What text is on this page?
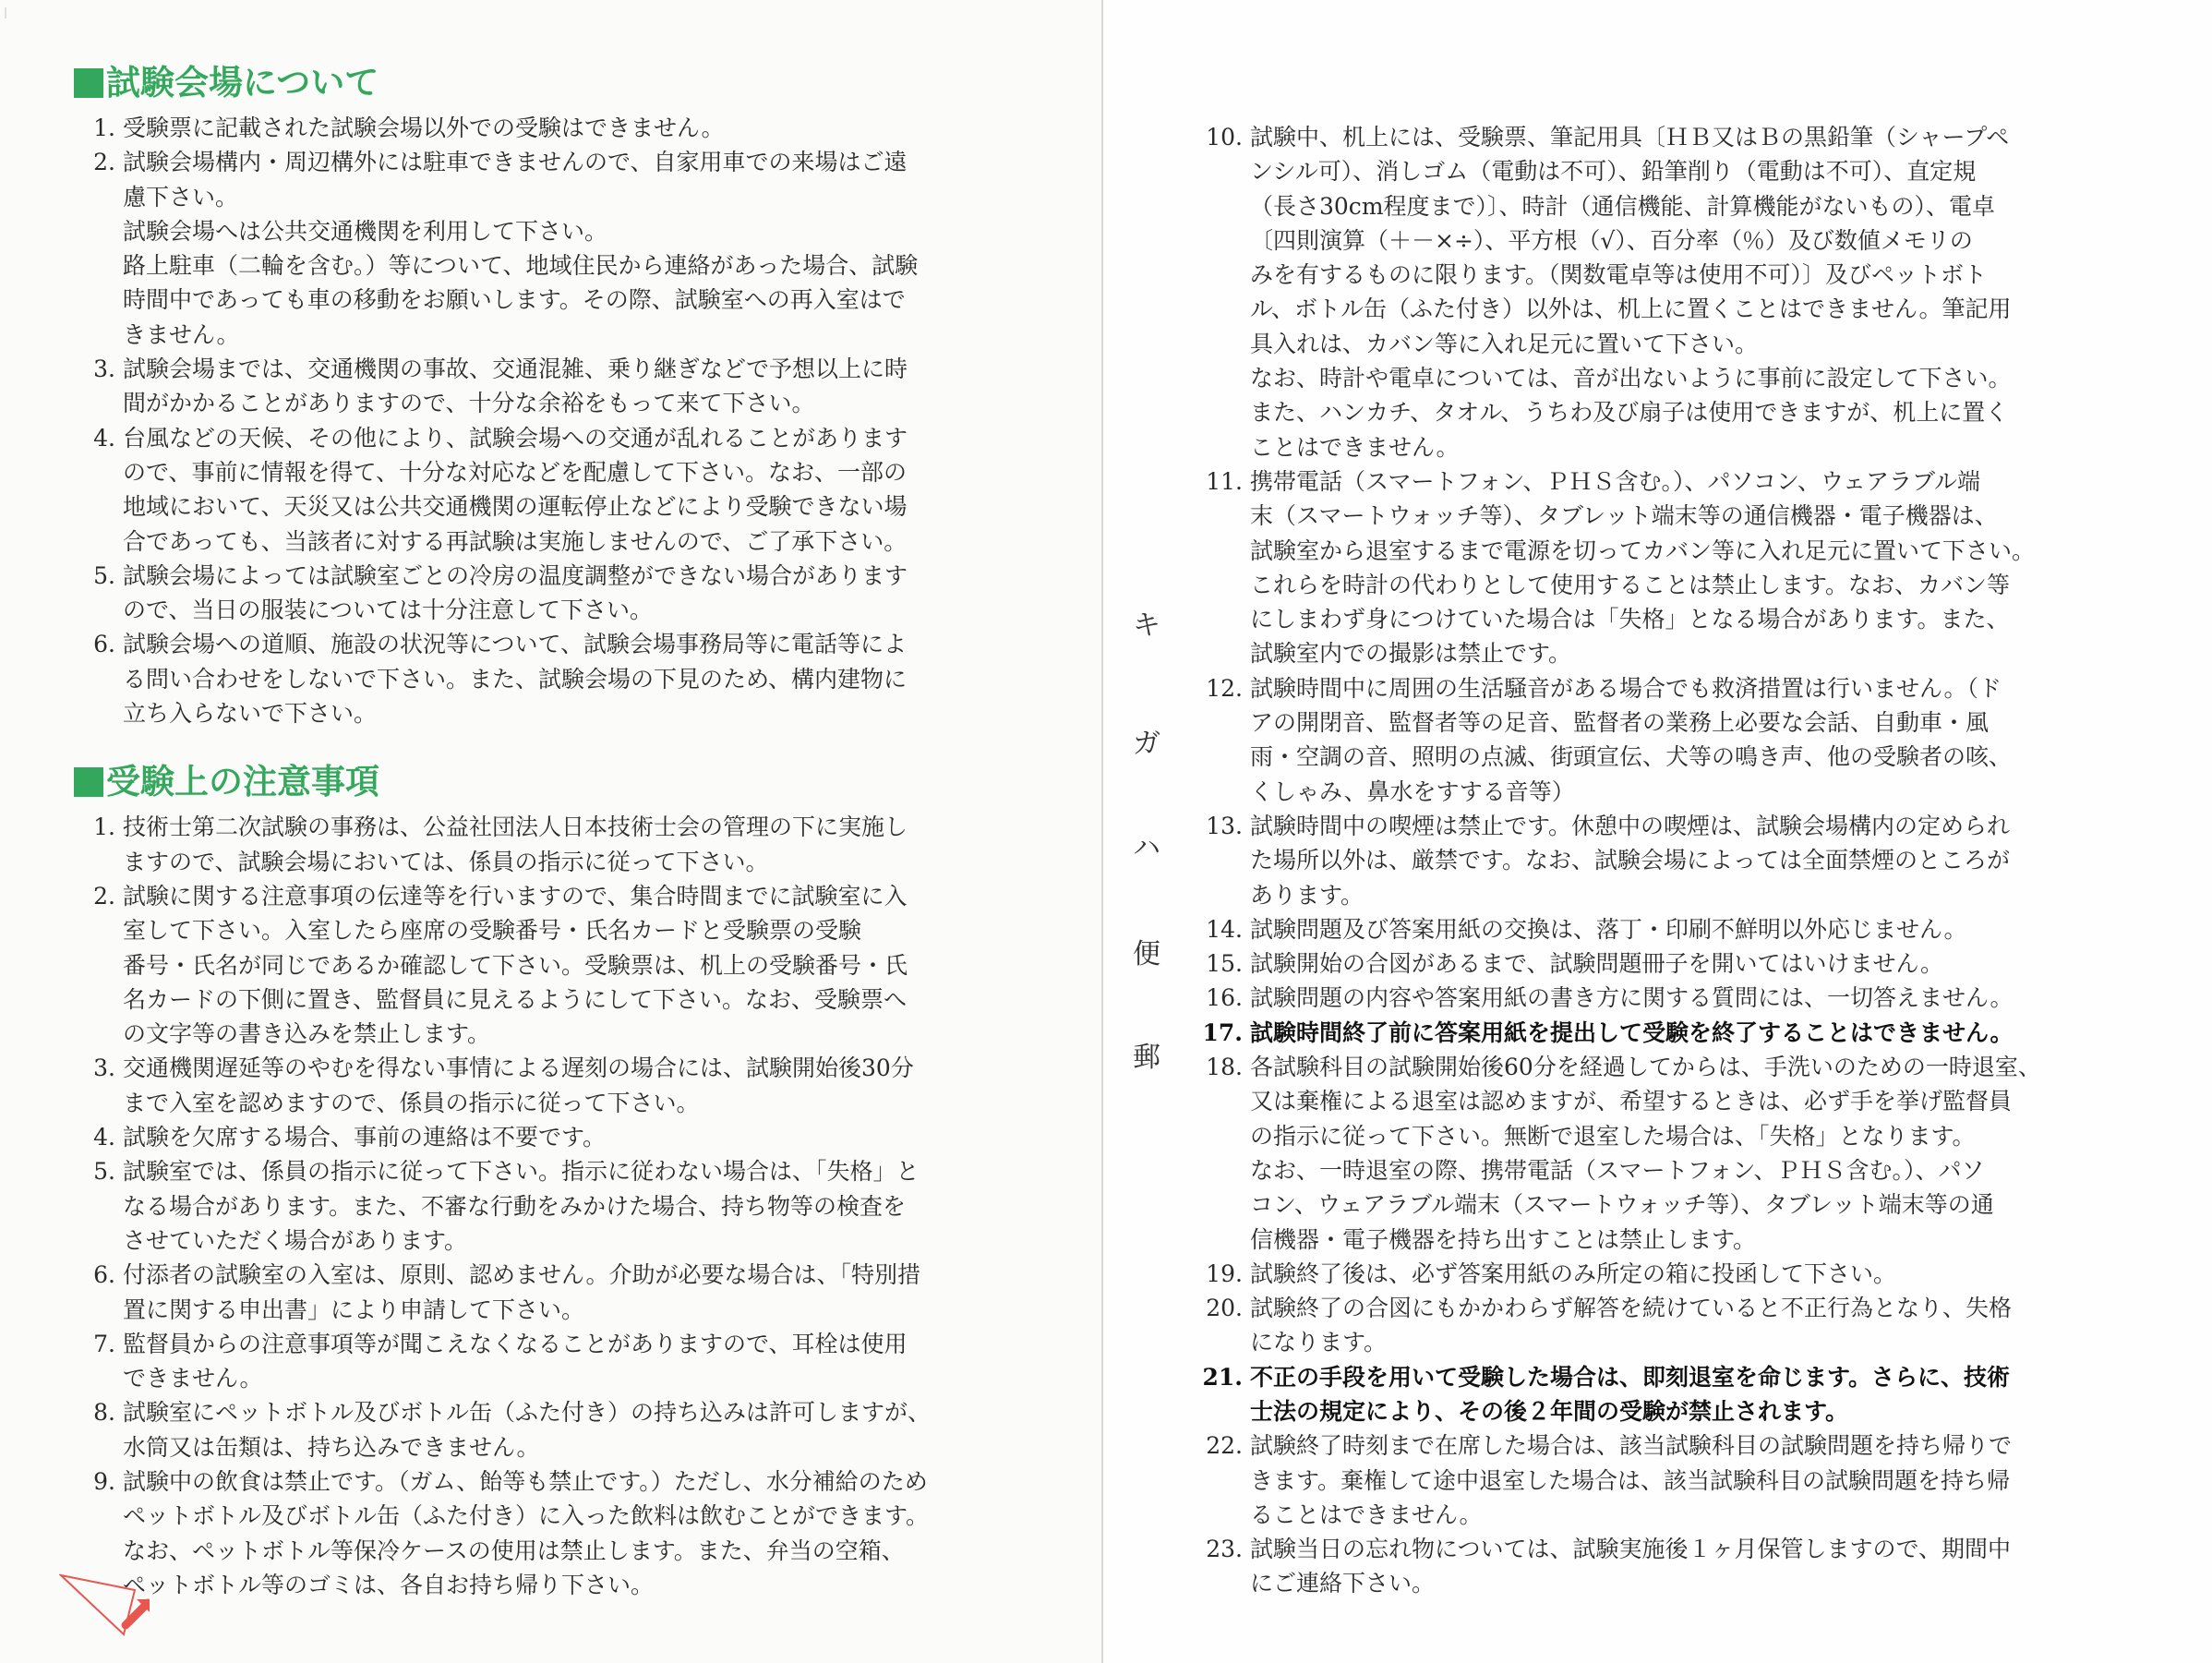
試験会場について
1. 受験票に記載された試験会場以外での受験はできません。
2. 試験会場構内・周辺構外には駐車できませんので、自家用車での来場はご遠
慮下さい。
試験会場へは公共交通機関を利用して下さい。
路上駐車（二輪を含む。）等について、地域住民から連絡があった場合、試験
時間中であっても車の移動をお願いします。その際、試験室への再入室はで
きません。
3. 試験会場までは、交通機関の事故、交通混雑、乗り継ぎなどで予想以上に時
間がかかることがありますので、十分な余裕をもって来て下さい。
4. 台風などの天候、その他により、試験会場への交通が乱れることがあります
ので、事前に情報を得て、十分な対応などを配慮して下さい。なお、一部の
地域において、天災又は公共交通機関の運転停止などにより受験できない場
合であっても、当該者に対する再試験は実施しませんので、ご了承下さい。
5. 試験会場によっては試験室ごとの冷房の温度調整ができない場合があります
ので、当日の服装については十分注意して下さい。
6. 試験会場への道順、施設の状況等について、試験会場事務局等に電話等によ
る問い合わせをしないで下さい。また、試験会場の下見のため、構内建物に
立ち入らないで下さい。
受験上の注意事項
1. 技術士第二次試験の事務は、公益社団法人日本技術士会の管理の下に実施し
ますので、試験会場においては、係員の指示に従って下さい。
2. 試験に関する注意事項の伝達等を行いますので、集合時間までに試験室に入
室して下さい。入室したら座席の受験番号・氏名カードと受験票の受験
番号・氏名が同じであるか確認して下さい。受験票は、机上の受験番号・氏
名カードの下側に置き、監督員に見えるようにして下さい。なお、受験票へ
の文字等の書き込みを禁止します。
3. 交通機関遅延等のやむを得ない事情による遅刻の場合には、試験開始後30分
まで入室を認めますので、係員の指示に従って下さい。
4. 試験を欠席する場合、事前の連絡は不要です。
5. 試験室では、係員の指示に従って下さい。指示に従わない場合は、「失格」と
なる場合があります。また、不審な行動をみかけた場合、持ち物等の検査を
させていただく場合があります。
6. 付添者の試験室の入室は、原則、認めません。介助が必要な場合は、「特別措
置に関する申出書」により申請して下さい。
7. 監督員からの注意事項等が聞こえなくなることがありますので、耳栓は使用
できません。
8. 試験室にペットボトル及びボトル缶（ふた付き）の持ち込みは許可しますが、
水筒又は缶類は、持ち込みできません。
9. 試験中の飲食は禁止です。（ガム、飴等も禁止です。）ただし、水分補給のため
ペットボトル及びボトル缶（ふた付き）に入った飲料は飲むことができます。
なお、ペットボトル等保冷ケースの使用は禁止します。また、弁当の空箱、
ペットボトル等のゴミは、各自お持ち帰り下さい。
10. 試験中、机上には、受験票、筆記用具〔ＨＢ又はＢの黒鉛筆（シャープペ
ンシル可）、消しゴム（電動は不可）、鉛筆削り（電動は不可）、直定規
（長さ30cm程度まで）〕、時計（通信機能、計算機能がないもの）、電卓
〔四則演算（＋－×÷）、平方根（√）、百分率（％）及び数値メモリの
みを有するものに限ります。（関数電卓等は使用不可）〕及びペットボト
ル、ボトル缶（ふた付き）以外は、机上に置くことはできません。筆記用
具入れは、カバン等に入れ足元に置いて下さい。
なお、時計や電卓については、音が出ないように事前に設定して下さい。
また、ハンカチ、タオル、うちわ及び扇子は使用できますが、机上に置く
ことはできません。
11. 携帯電話（スマートフォン、ＰＨＳ含む。）、パソコン、ウェアラブル端
末（スマートウォッチ等）、タブレット端末等の通信機器・電子機器は、
試験室から退室するまで電源を切ってカバン等に入れ足元に置いて下さい。
これらを時計の代わりとして使用することは禁止します。なお、カバン等
にしまわず身につけていた場合は「失格」となる場合があります。また、
試験室内での撮影は禁止です。
12. 試験時間中に周囲の生活騒音がある場合でも救済措置は行いません。（ド
アの開閉音、監督者等の足音、監督者の業務上必要な会話、自動車・風
雨・空調の音、照明の点滅、街頭宣伝、犬等の鳴き声、他の受験者の咳、
くしゃみ、鼻水をすする音等）
13. 試験時間中の喫煙は禁止です。休憩中の喫煙は、試験会場構内の定められ
た場所以外は、厳禁です。なお、試験会場によっては全面禁煙のところが
あります。
14. 試験問題及び答案用紙の交換は、落丁・印刷不鮮明以外応じません。
15. 試験開始の合図があるまで、試験問題冊子を開いてはいけません。
16. 試験問題の内容や答案用紙の書き方に関する質問には、一切答えません。
17. 試験時間終了前に答案用紙を提出して受験を終了することはできません。
18. 各試験科目の試験開始後60分を経過してからは、手洗いのための一時退室、
又は棄権による退室は認めますが、希望するときは、必ず手を挙げ監督員
の指示に従って下さい。無断で退室した場合は、「失格」となります。
なお、一時退室の際、携帯電話（スマートフォン、ＰＨＳ含む。）、パソ
コン、ウェアラブル端末（スマートウォッチ等）、タブレット端末等の通
信機器・電子機器を持ち出すことは禁止します。
19. 試験終了後は、必ず答案用紙のみ所定の箱に投函して下さい。
20. 試験終了の合図にもかかわらず解答を続けていると不正行為となり、失格
になります。
21. 不正の手段を用いて受験した場合は、即刻退室を命じます。さらに、技術
士法の規定により、その後２年間の受験が禁止されます。
22. 試験終了時刻まで在席した場合は、該当試験科目の試験問題を持ち帰りで
きます。棄権して途中退室した場合は、該当試験科目の試験問題を持ち帰
ることはできません。
23. 試験当日の忘れ物については、試験実施後１ヶ月保管しますので、期間中
にご連絡下さい。
キ
ガ
ハ
便
郵
